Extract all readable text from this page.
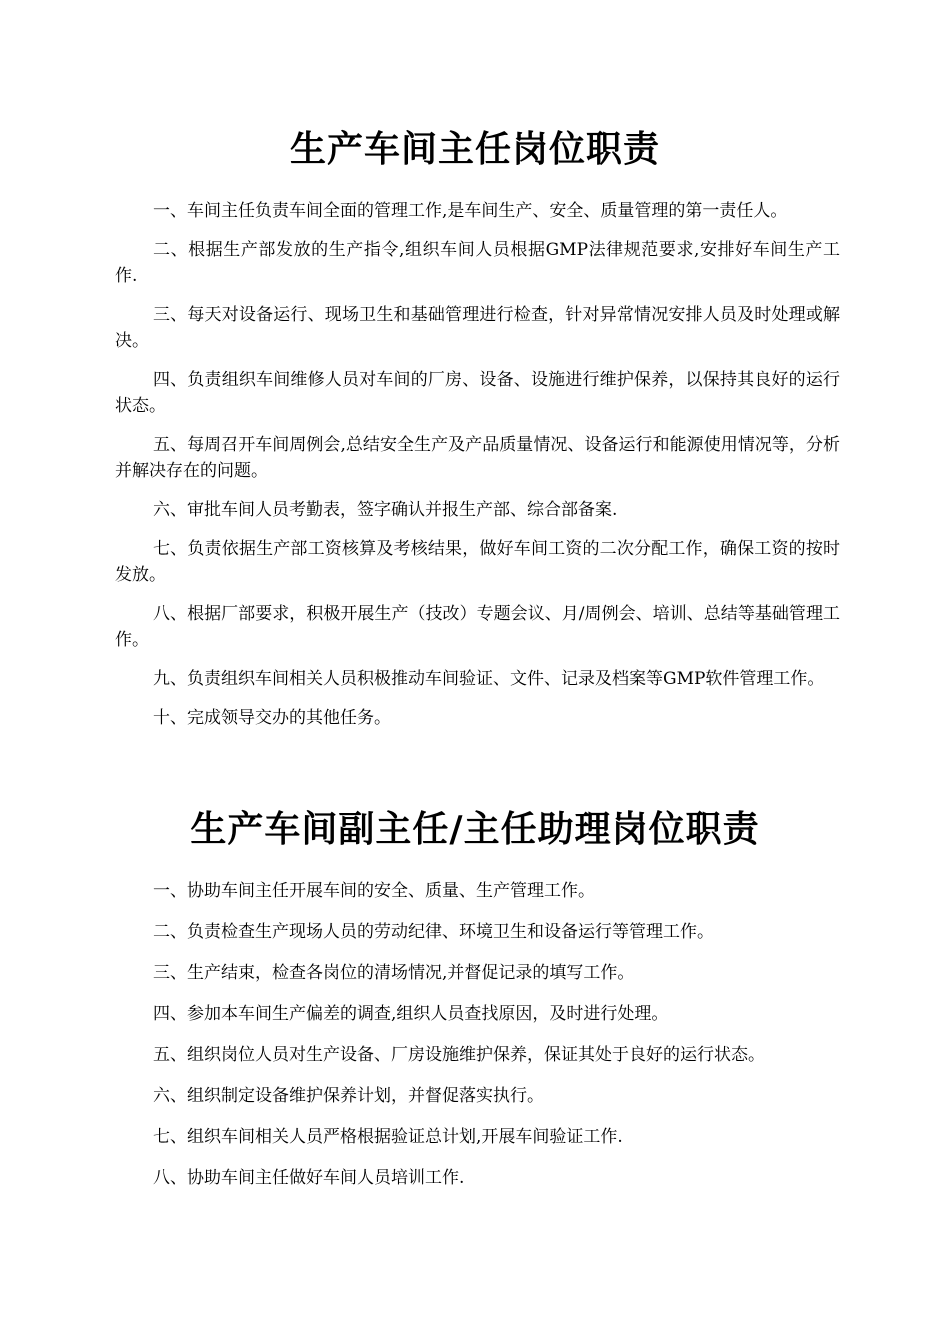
生产车间主任岗位职责

一、车间主任负责车间全面的管理工作,是车间生产、安全、质量管理的第一责任人。

二、根据生产部发放的生产指令,组织车间人员根据GMP法律规范要求,安排好车间生产工作.

三、每天对设备运行、现场卫生和基础管理进行检查，针对异常情况安排人员及时处理或解决。

四、负责组织车间维修人员对车间的厂房、设备、设施进行维护保养，以保持其良好的运行状态。

五、每周召开车间周例会,总结安全生产及产品质量情况、设备运行和能源使用情况等，分析并解决存在的问题。

六、审批车间人员考勤表，签字确认并报生产部、综合部备案.

七、负责依据生产部工资核算及考核结果，做好车间工资的二次分配工作，确保工资的按时发放。

八、根据厂部要求，积极开展生产（技改）专题会议、月/周例会、培训、总结等基础管理工作。

九、负责组织车间相关人员积极推动车间验证、文件、记录及档案等GMP软件管理工作。

十、完成领导交办的其他任务。

生产车间副主任/主任助理岗位职责

一、协助车间主任开展车间的安全、质量、生产管理工作。

二、负责检查生产现场人员的劳动纪律、环境卫生和设备运行等管理工作。

三、生产结束，检查各岗位的清场情况,并督促记录的填写工作。

四、参加本车间生产偏差的调查,组织人员查找原因，及时进行处理。

五、组织岗位人员对生产设备、厂房设施维护保养，保证其处于良好的运行状态。

六、组织制定设备维护保养计划，并督促落实执行。

七、组织车间相关人员严格根据验证总计划,开展车间验证工作.

八、协助车间主任做好车间人员培训工作.
